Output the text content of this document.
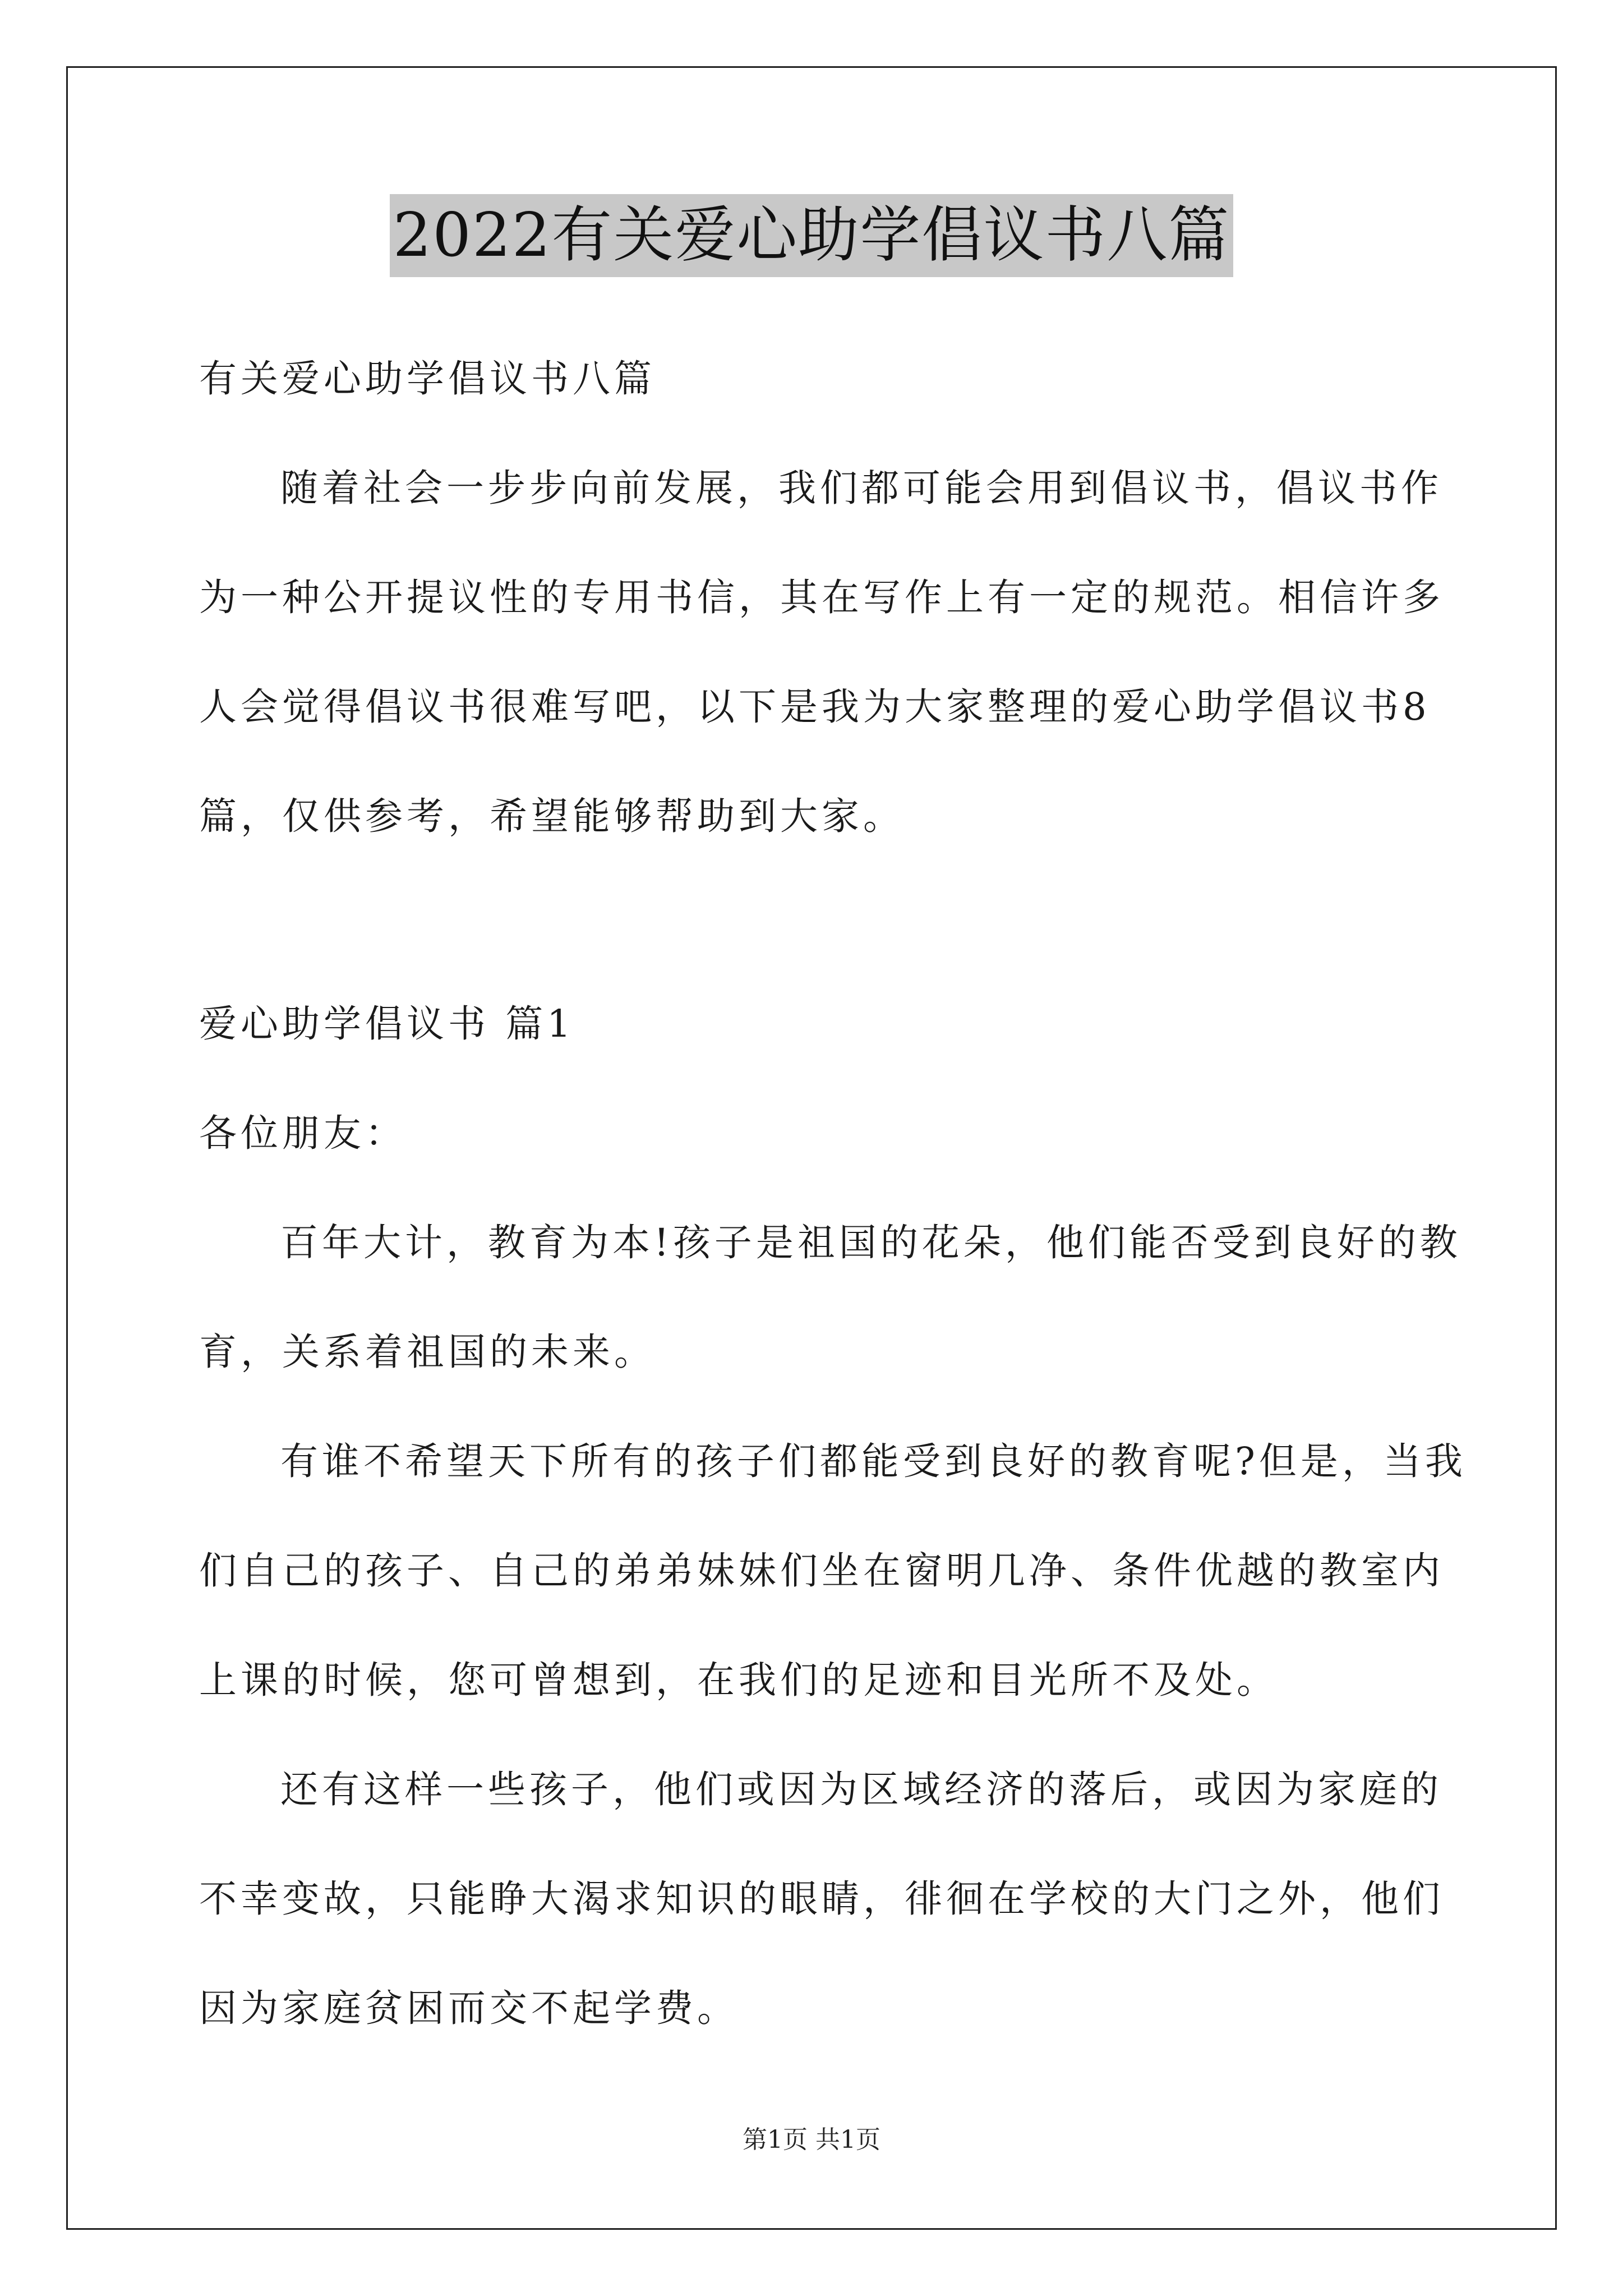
2022有关爱心助学倡议书八篇
有关爱心助学倡议书八篇
随着社会一步步向前发展，我们都可能会用到倡议书，倡议书作
为一种公开提议性的专用书信，其在写作上有一定的规范。相信许多
人会觉得倡议书很难写吧，以下是我为大家整理的爱心助学倡议书8
篇，仅供参考，希望能够帮助到大家。
爱心助学倡议书 篇1
各位朋友：
百年大计，教育为本!孩子是祖国的花朵，他们能否受到良好的教
育，关系着祖国的未来。
有谁不希望天下所有的孩子们都能受到良好的教育呢?但是，当我
们自己的孩子、自己的弟弟妹妹们坐在窗明几净、条件优越的教室内
上课的时候，您可曾想到，在我们的足迹和目光所不及处。
还有这样一些孩子，他们或因为区域经济的落后，或因为家庭的
不幸变故，只能睁大渴求知识的眼睛，徘徊在学校的大门之外，他们
因为家庭贫困而交不起学费。
第1页 共1页
